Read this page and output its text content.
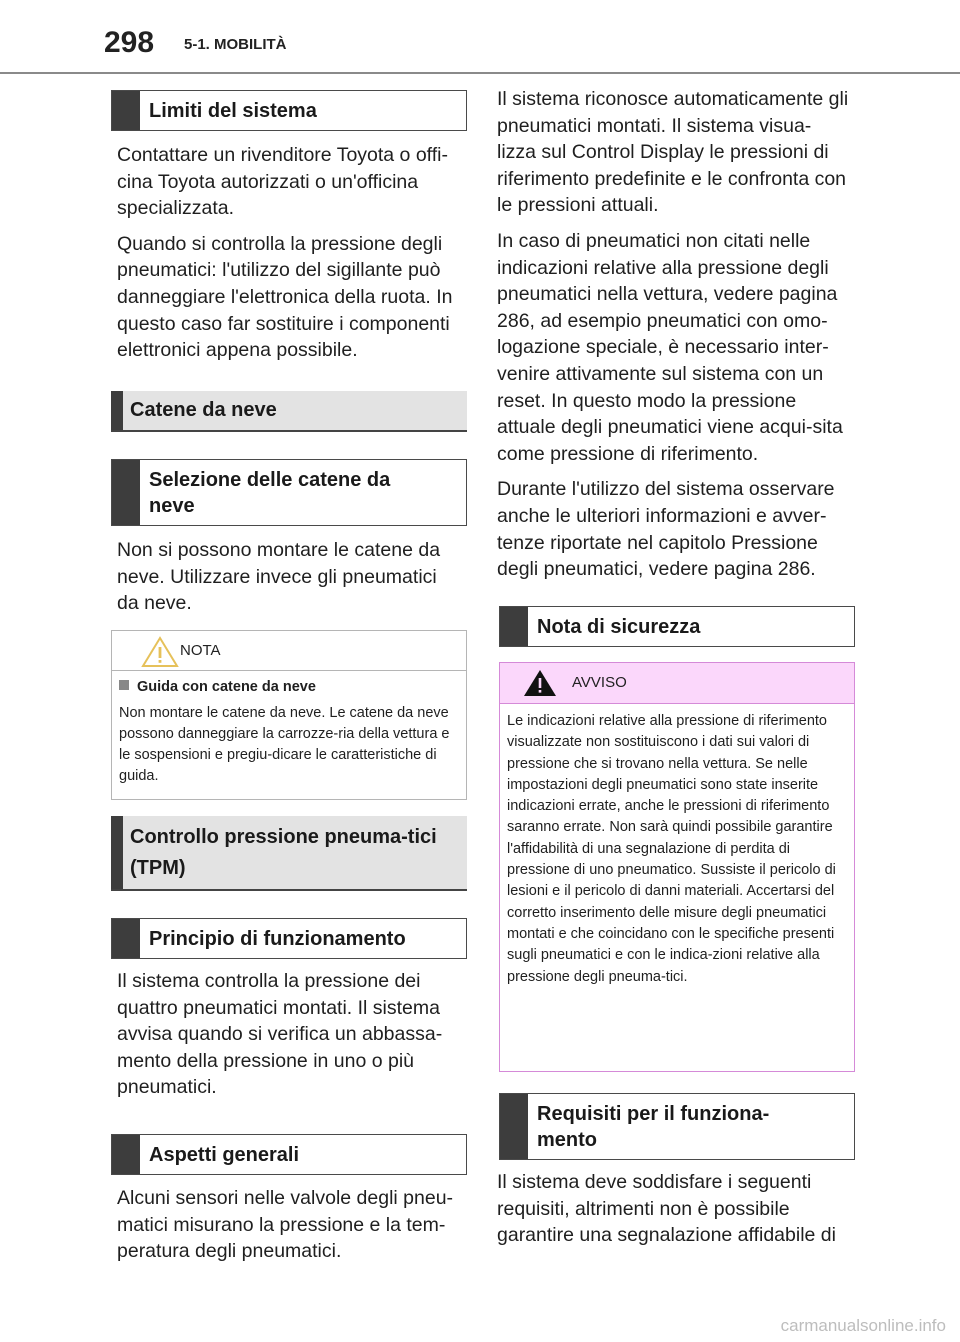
298 5-1. MOBILITÀ
Limiti del sistema

Contattare un rivenditore Toyota o offi-cina Toyota autorizzati o un'officina specializzata.

Quando si controlla la pressione degli pneumatici: l'utilizzo del sigillante può danneggiare l'elettronica della ruota. In questo caso far sostituire i componenti elettronici appena possibile.

Catene da neve
Selezione delle catene da neve

Non si possono montare le catene da neve. Utilizzare invece gli pneumatici da neve.

NOTA
Guida con catene da neve
Non montare le catene da neve. Le catene da neve possono danneggiare la carrozze-ria della vettura e le sospensioni e pregiu-dicare le caratteristiche di guida.
Controllo pressione pneuma-tici (TPM)
Principio di funzionamento

Il sistema controlla la pressione dei quattro pneumatici montati. Il sistema avvisa quando si verifica un abbassa-mento della pressione in uno o più pneumatici.

Aspetti generali

Alcuni sensori nelle valvole degli pneu-matici misurano la pressione e la tem-peratura degli pneumatici.

Il sistema riconosce automaticamente gli pneumatici montati. Il sistema visua-lizza sul Control Display le pressioni di riferimento predefinite e le confronta con le pressioni attuali.

In caso di pneumatici non citati nelle indicazioni relative alla pressione degli pneumatici nella vettura, vedere pagina 286, ad esempio pneumatici con omo-logazione speciale, è necessario inter-venire attivamente sul sistema con un reset. In questo modo la pressione attuale degli pneumatici viene acqui-sita come pressione di riferimento.

Durante l'utilizzo del sistema osservare anche le ulteriori informazioni e avver-tenze riportate nel capitolo Pressione degli pneumatici, vedere pagina 286.

Nota di sicurezza
AVVISO
Le indicazioni relative alla pressione di riferimento visualizzate non sostituiscono i dati sui valori di pressione che si trovano nella vettura. Se nelle impostazioni degli pneumatici sono state inserite indicazioni errate, anche le pressioni di riferimento saranno errate. Non sarà quindi possibile garantire l'affidabilità di una segnalazione di perdita di pressione di uno pneumatico. Sussiste il pericolo di lesioni e il pericolo di danni materiali. Accertarsi del corretto inserimento delle misure degli pneumatici montati e che coincidano con le specifiche presenti sugli pneumatici e con le indica-zioni relative alla pressione degli pneuma-tici.
Requisiti per il funziona-mento

Il sistema deve soddisfare i seguenti requisiti, altrimenti non è possibile garantire una segnalazione affidabile di

carmanualsonline.info
